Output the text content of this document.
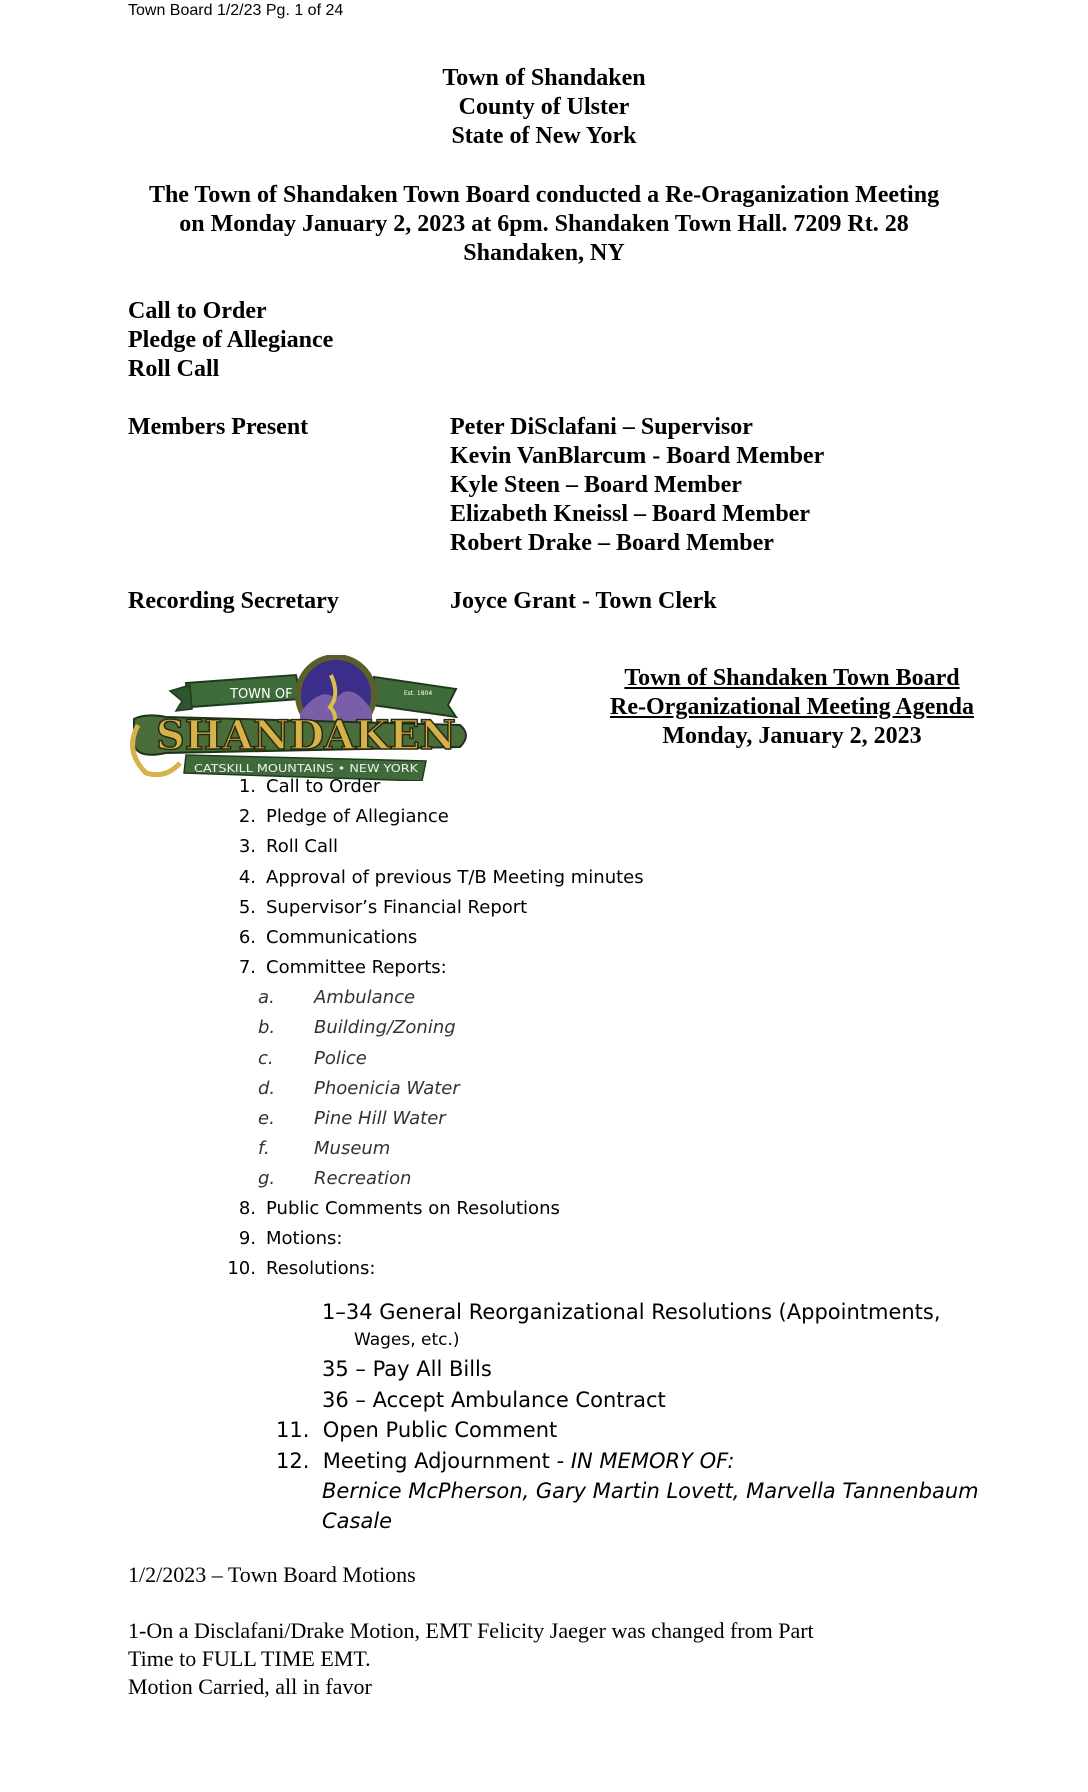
Town Board 1/2/23 Pg. 1 of 24
Town of Shandaken
County of Ulster
State of New York
The Town of Shandaken Town Board conducted a Re-Oraganization Meeting
on Monday January 2, 2023 at 6pm. Shandaken Town Hall. 7209 Rt. 28
Shandaken, NY
Call to Order
Pledge of Allegiance
Roll Call
Members Present	Peter DiSclafani – Supervisor
Kevin VanBlarcum - Board Member
Kyle Steen – Board Member
Elizabeth Kneissl – Board Member
Robert Drake – Board Member
Recording Secretary	Joyce Grant - Town Clerk
TOWN OF	Est. 1804
SHANDAKEN
CATSKILL MOUNTAINS • NEW YORK
Town of Shandaken Town Board
Re-Organizational Meeting Agenda
Monday, January 2, 2023
1. Call to Order
2. Pledge of Allegiance
3. Roll Call
4. Approval of previous T/B Meeting minutes
5. Supervisor’s Financial Report
6. Communications
7. Committee Reports:
a. Ambulance
b. Building/Zoning
c. Police
d. Phoenicia Water
e. Pine Hill Water
f. Museum
g. Recreation
8. Public Comments on Resolutions
9. Motions:
10. Resolutions:
1–34 General Reorganizational Resolutions (Appointments,
Wages, etc.)
35 – Pay All Bills
36 – Accept Ambulance Contract
11. Open Public Comment
12. Meeting Adjournment - IN MEMORY OF:
Bernice McPherson, Gary Martin Lovett, Marvella Tannenbaum
Casale
1/2/2023 – Town Board Motions
1-On a Disclafani/Drake Motion, EMT Felicity Jaeger was changed from Part
Time to FULL TIME EMT.
Motion Carried, all in favor
